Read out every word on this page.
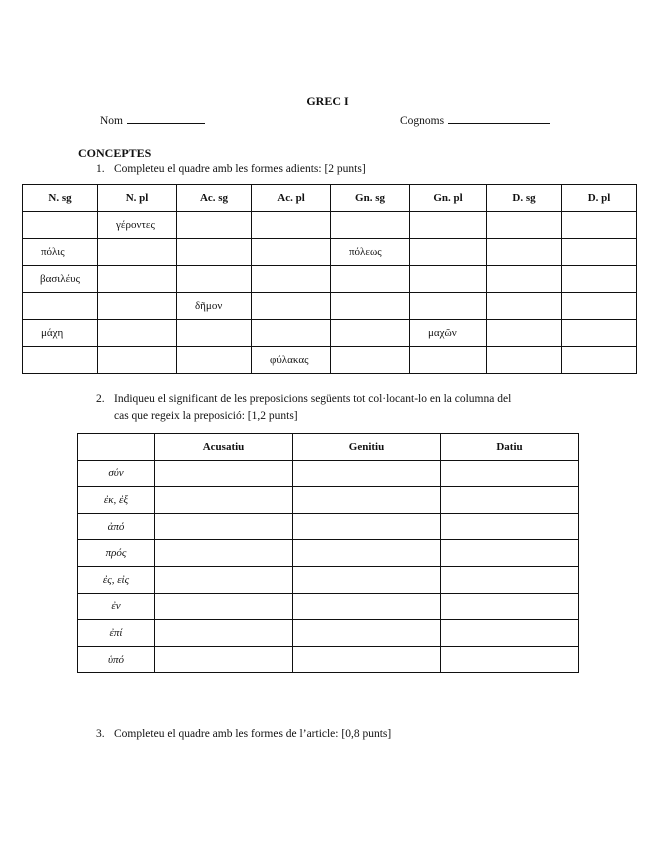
GREC I
Nom	Cognoms
CONCEPTES
1. Completeu el quadre amb les formes adients: [2 punts]
N. sg	N. pl	Ac. sg	Ac. pl	Gn. sg	Gn. pl	D. sg	D. pl
	γέροντες						
πόλις				πόλεως			
βασιλέυς							
		δῆμον					
μάχη					μαχῶν		
			φύλακας				
2. Indiqueu el significant de les preposicions següents tot col·locant-lo en la columna del
cas que regeix la preposició: [1,2 punts]
	Acusatiu	Genitiu	Datiu
σύν			
ἐκ, ἐξ			
ἀπό			
πρός			
ἐς, εἰς			
ἐν			
ἐπί			
ὑπό			
3. Completeu el quadre amb les formes de l’article: [0,8 punts]
